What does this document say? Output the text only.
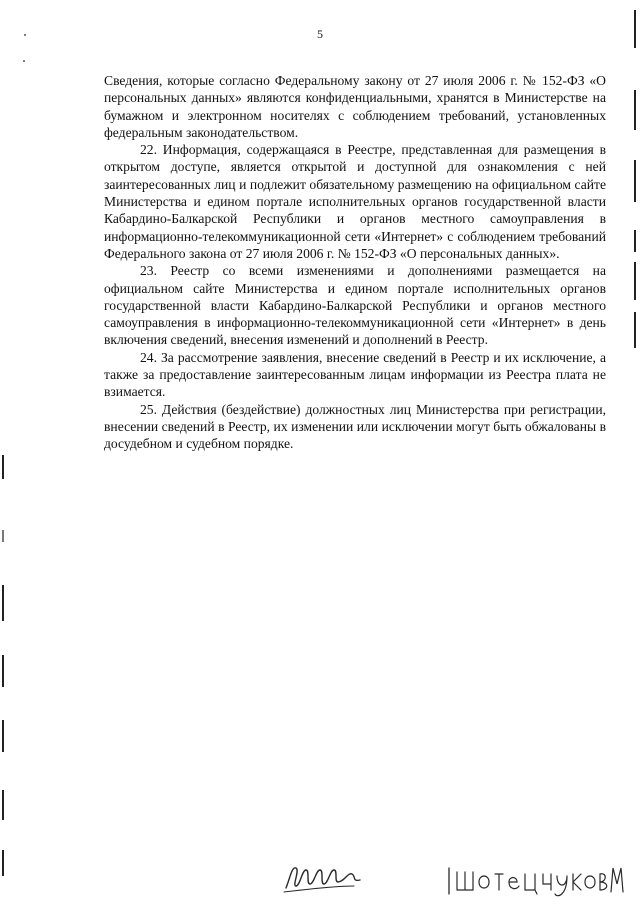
5

Сведения, которые согласно Федеральному закону от 27 июля 2006 г. № 152-ФЗ «О персональных данных» являются конфиденциальными, хранятся в Министерстве на бумажном и электронном носителях с соблюдением требований, установленных федеральным законодательством.

22. Информация, содержащаяся в Реестре, представленная для размещения в открытом доступе, является открытой и доступной для ознакомления с ней заинтересованных лиц и подлежит обязательному размещению на официальном сайте Министерства и едином портале исполнительных органов государственной власти Кабардино-Балкарской Республики и органов местного самоуправления в информационно-телекоммуникационной сети «Интернет» с соблюдением требований Федерального закона от 27 июля 2006 г. № 152-ФЗ «О персональных данных».

23. Реестр со всеми изменениями и дополнениями размещается на официальном сайте Министерства и едином портале исполнительных органов государственной власти Кабардино-Балкарской Республики и органов местного самоуправления в информационно-телекоммуникационной сети «Интернет» в день включения сведений, внесения изменений и дополнений в Реестр.

24. За рассмотрение заявления, внесение сведений в Реестр и их исключение, а также за предоставление заинтересованным лицам информации из Реестра плата не взимается.

25. Действия (бездействие) должностных лиц Министерства при регистрации, внесении сведений в Реестр, их изменении или исключении могут быть обжалованы в досудебном и судебном порядке.
